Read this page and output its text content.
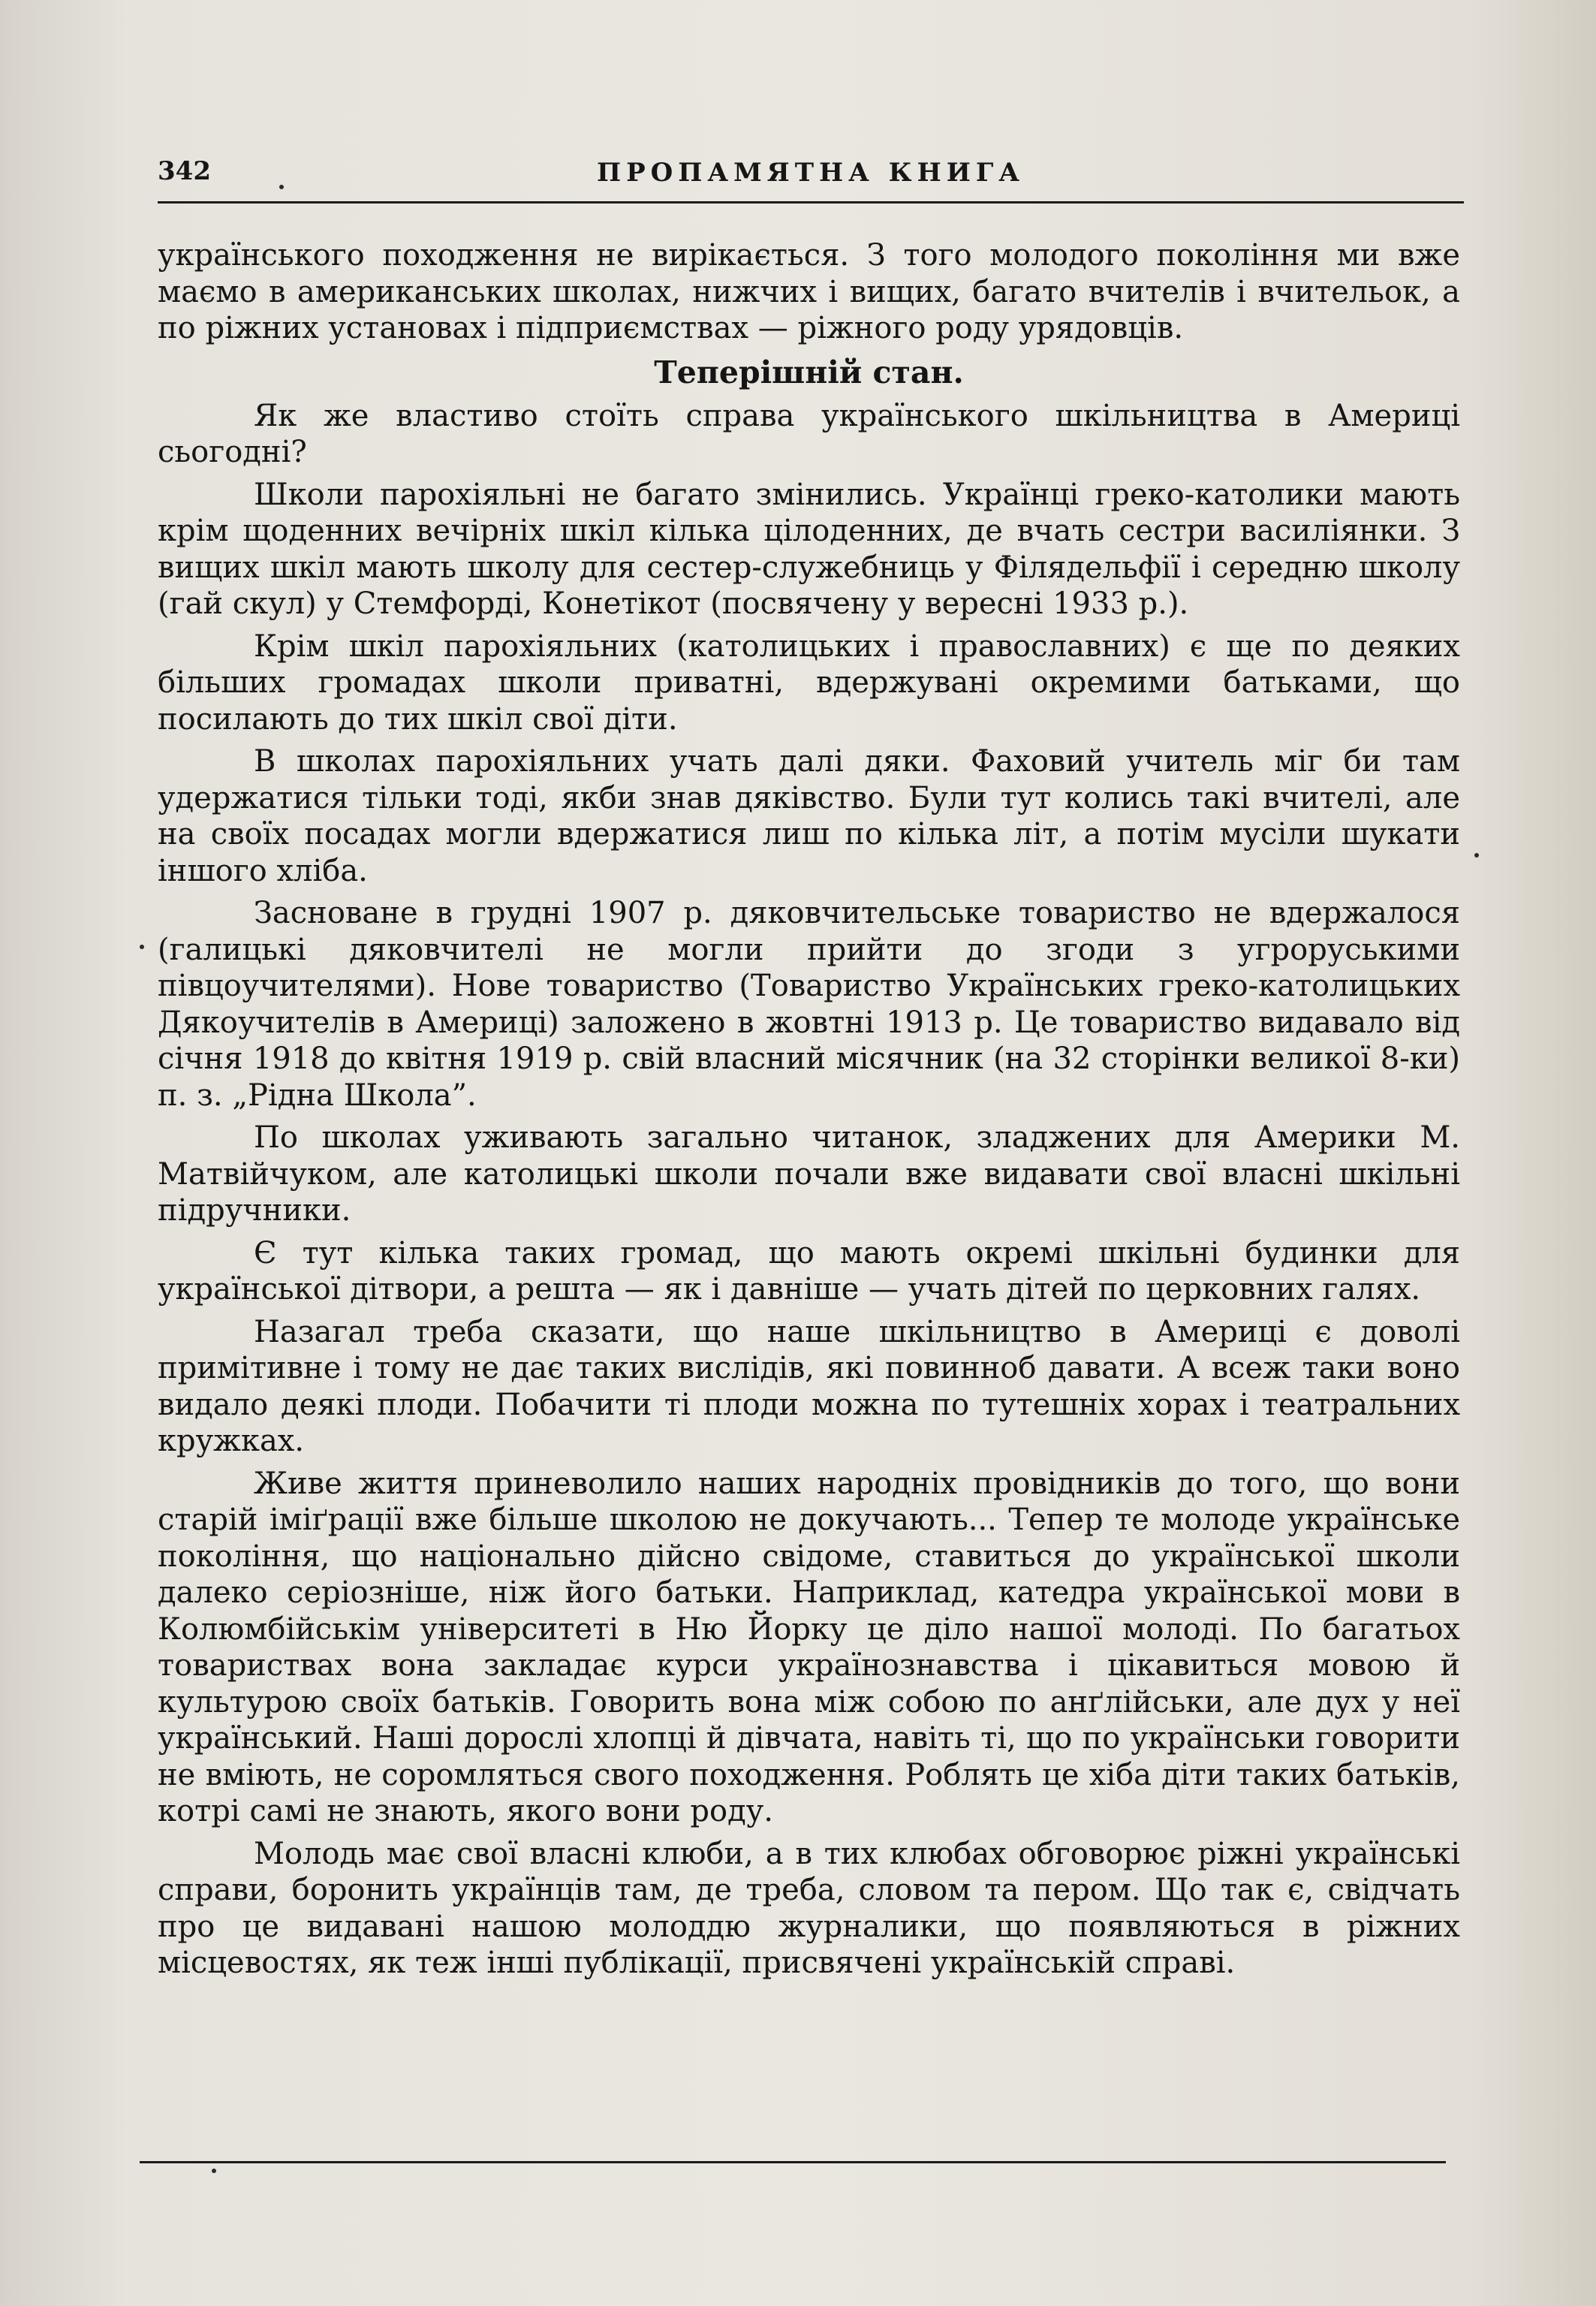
342	ПРОПАМЯТНА КНИГА

українського походження не вирікається. З того молодого покоління ми вже маємо в американських школах, нижчих і вищих, багато вчителів і вчительок, а по ріжних установах і підприємствах — ріжного роду урядовців.

Теперішній стан.

Як же властиво стоїть справа українського шкільництва в Америці сьогодні?

Школи парохіяльні не багато змінились. Українці греко-католики мають крім щоденних вечірніх шкіл кілька цілоденних, де вчать сестри василіянки. З вищих шкіл мають школу для сестер-служебниць у Філядельфії і середню школу (гай скул) у Стемфорді, Конетікот (посвячену у вересні 1933 р.).

Крім шкіл парохіяльних (католицьких і православних) є ще по деяких більших громадах школи приватні, вдержувані окремими батьками, що посилають до тих шкіл свої діти.

В школах парохіяльних учать далі дяки. Фаховий учитель міг би там удержатися тільки тоді, якби знав дяківство. Були тут колись такі вчителі, але на своїх посадах могли вдержатися лиш по кілька літ, а потім мусіли шукати іншого хліба.

Засноване в грудні 1907 р. дяковчительське товариство не вдержалося (галицькі дяковчителі не могли прийти до згоди з угроруськими півцоучителями). Нове товариство (Товариство Українських греко-католицьких Дякоучителів в Америці) заложено в жовтні 1913 р. Це товариство видавало від січня 1918 до квітня 1919 р. свій власний місячник (на 32 сторінки великої 8-ки) п. з. „Рідна Школа”.

По школах уживають загально читанок, зладжених для Америки М. Матвійчуком, але католицькі школи почали вже видавати свої власні шкільні підручники.

Є тут кілька таких громад, що мають окремі шкільні будинки для української дітвори, а решта — як і давніше — учать дітей по церковних галях.

Назагал треба сказати, що наше шкільництво в Америці є доволі примітивне і тому не дає таких вислідів, які повинноб давати. А всеж таки воно видало деякі плоди. Побачити ті плоди можна по тутешніх хорах і театральних кружках.

Живе життя приневолило наших народніх провідників до того, що вони старій іміґрації вже більше школою не докучають... Тепер те молоде українське покоління, що національно дійсно свідоме, ставиться до української школи далеко серіозніше, ніж його батьки. Наприклад, катедра української мови в Колюмбійськім університеті в Ню Йорку це діло нашої молоді. По багатьох товариствах вона закладає курси українознавства і цікавиться мовою й культурою своїх батьків. Говорить вона між собою по анґлійськи, але дух у неї український. Наші дорослі хлопці й дівчата, навіть ті, що по українськи говорити не вміють, не соромляться свого походження. Роблять це хіба діти таких батьків, котрі самі не знають, якого вони роду.

Молодь має свої власні клюби, а в тих клюбах обговорює ріжні українські справи, боронить українців там, де треба, словом та пером. Що так є, свідчать про це видавані нашою молоддю журналики, що появляються в ріжних місцевостях, як теж інші публікації, присвячені українській справі.
